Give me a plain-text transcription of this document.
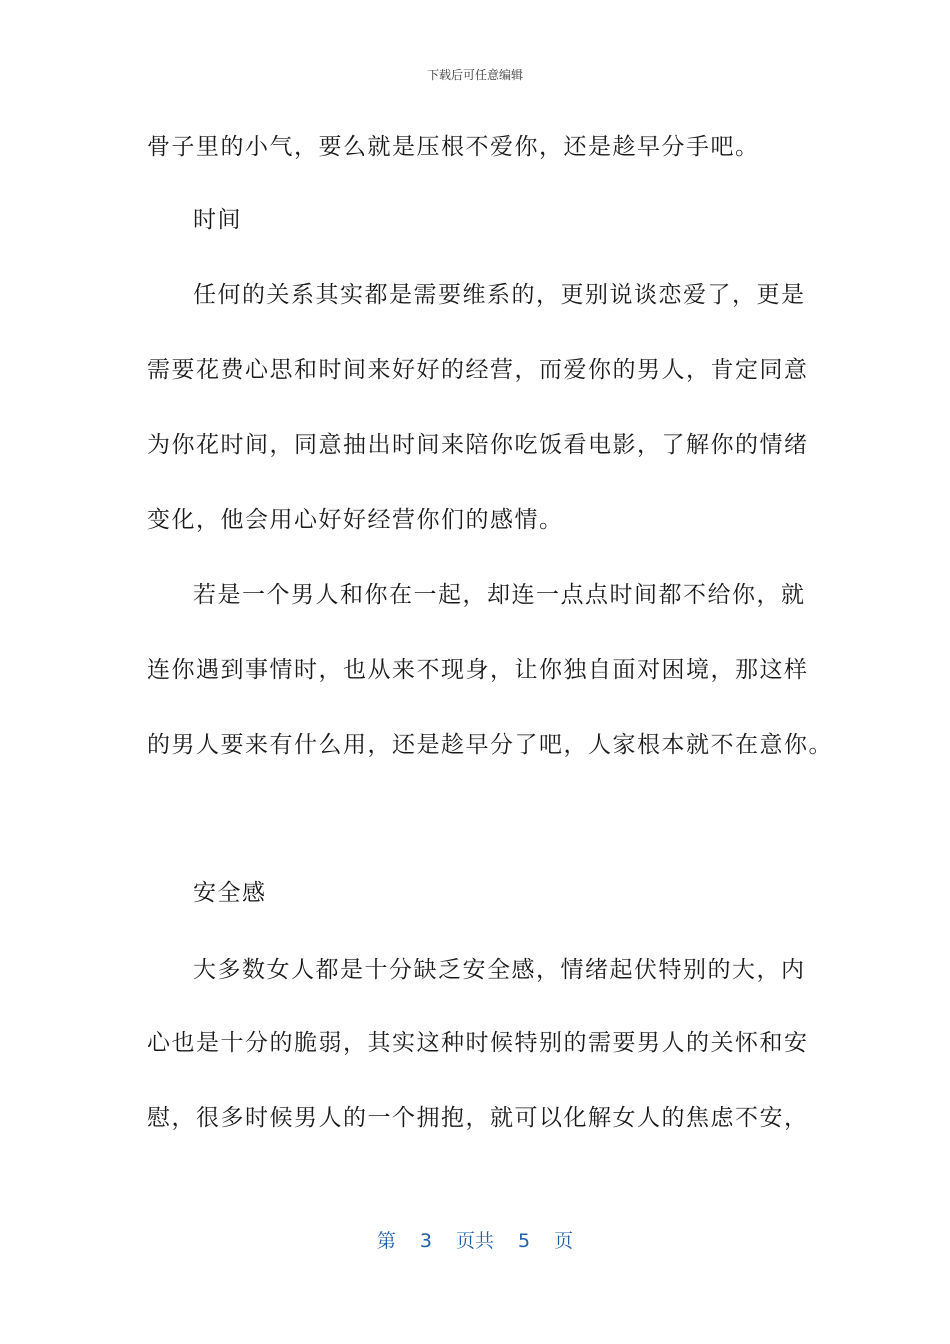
下载后可任意编辑
骨子里的小气，要么就是压根不爱你，还是趁早分手吧。
时间
任何的关系其实都是需要维系的，更别说谈恋爱了，更是
需要花费心思和时间来好好的经营，而爱你的男人，肯定同意
为你花时间，同意抽出时间来陪你吃饭看电影，了解你的情绪
变化，他会用心好好经营你们的感情。
若是一个男人和你在一起，却连一点点时间都不给你，就
连你遇到事情时，也从来不现身，让你独自面对困境，那这样
的男人要来有什么用，还是趁早分了吧，人家根本就不在意你。
安全感
大多数女人都是十分缺乏安全感，情绪起伏特别的大，内
心也是十分的脆弱，其实这种时候特别的需要男人的关怀和安
慰，很多时候男人的一个拥抱，就可以化解女人的焦虑不安，
第 3 页共 5 页
